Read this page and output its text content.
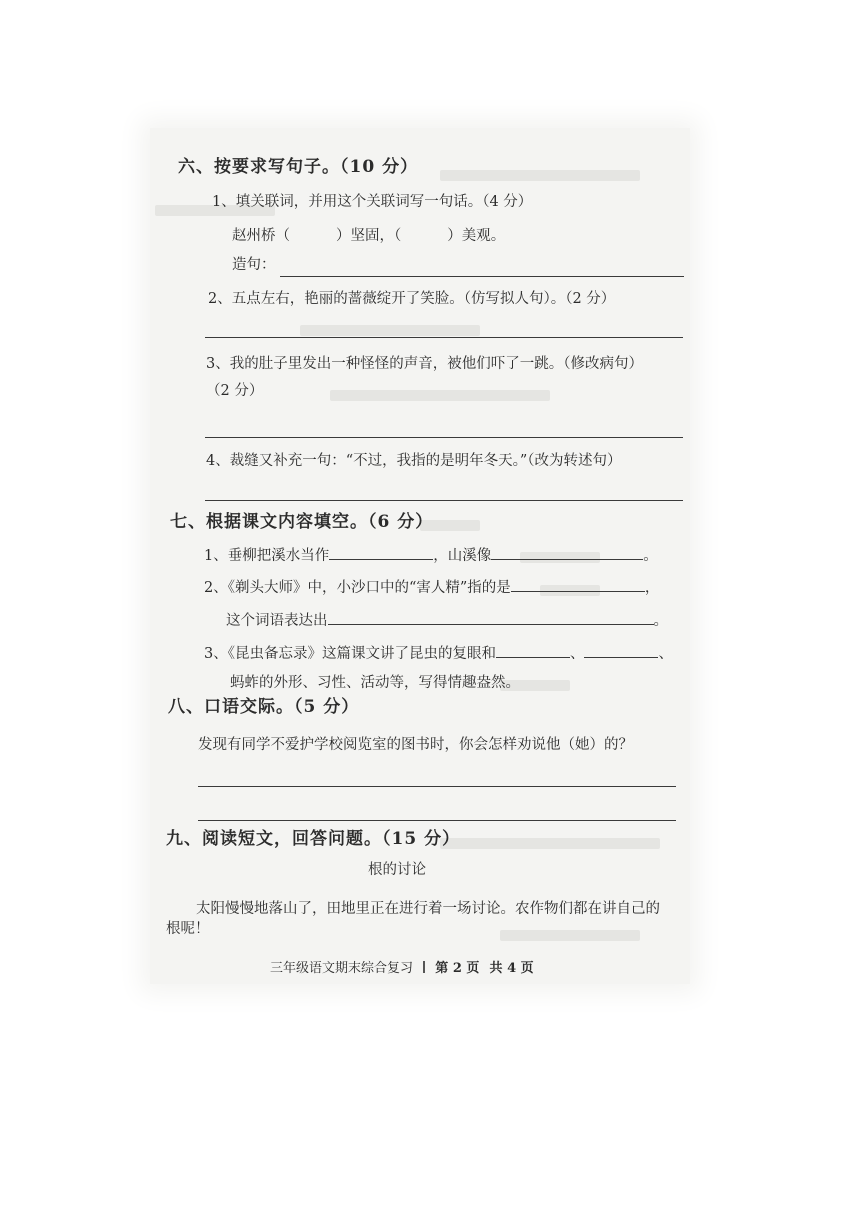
六、按要求写句子。（10 分）
1、填关联词，并用这个关联词写一句话。（4 分）
赵州桥（	）坚固，（	）美观。
造句：
2、五点左右，艳丽的蔷薇绽开了笑脸。（仿写拟人句）。（2 分）
3、我的肚子里发出一种怪怪的声音，被他们吓了一跳。（修改病句）
（2 分）
4、裁缝又补充一句：“不过，我指的是明年冬天。”（改为转述句）
七、根据课文内容填空。（6 分）
1、垂柳把溪水当作	，山溪像	。
2、《剃头大师》中，小沙口中的“害人精”指的是	，
这个词语表达出	。
3、《昆虫备忘录》这篇课文讲了昆虫的复眼和	、	、
蚂蚱的外形、习性、活动等，写得情趣盎然。
八、口语交际。（5 分）
发现有同学不爱护学校阅览室的图书时，你会怎样劝说他（她）的？
九、阅读短文，回答问题。（15 分）
根的讨论
太阳慢慢地落山了，田地里正在进行着一场讨论。农作物们都在讲自己的
根呢！
三年级语文期末综合复习 第 2 页 共 4 页
